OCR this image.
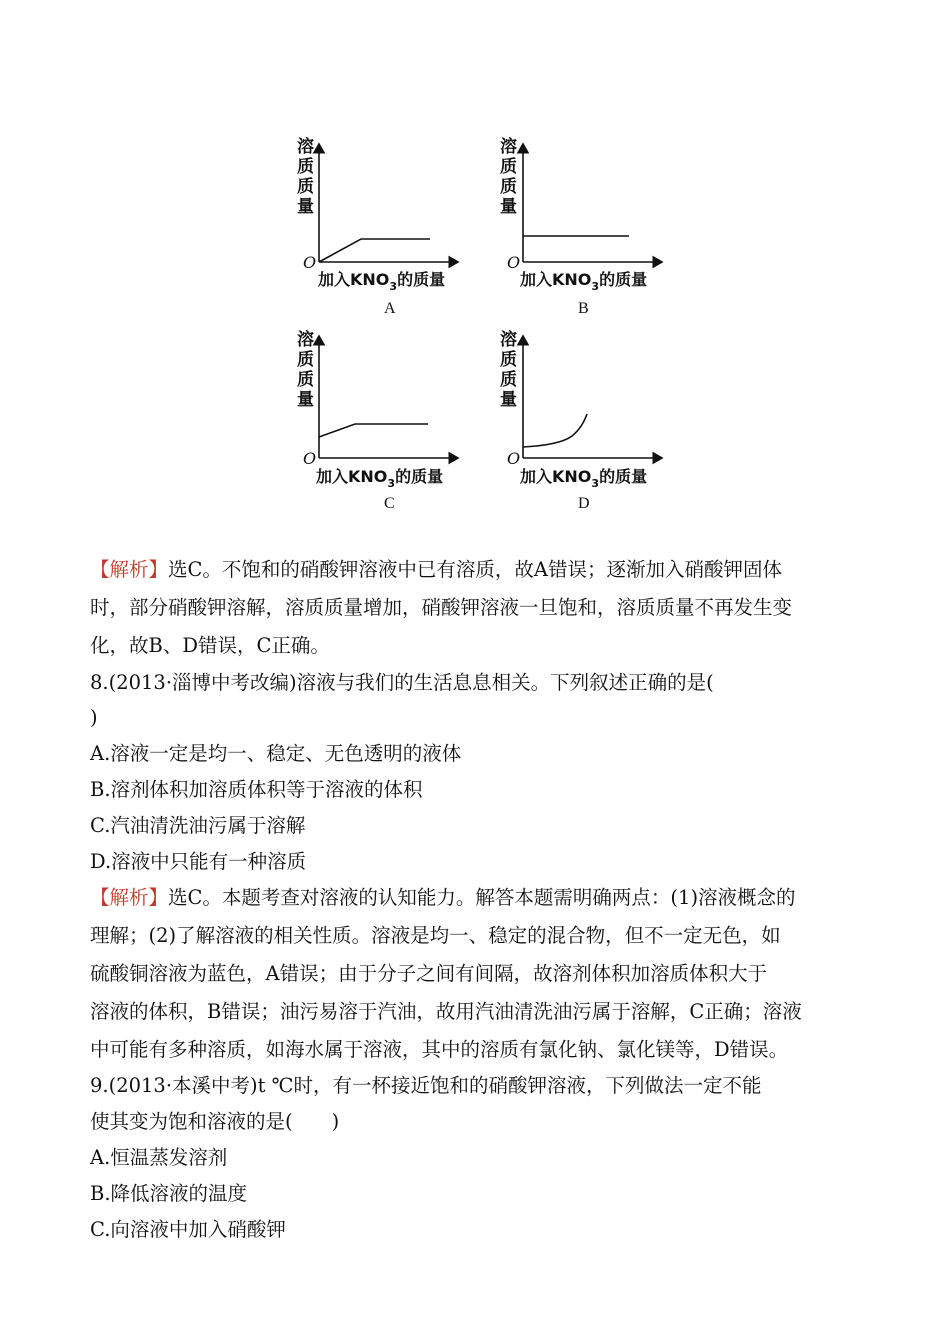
溶
质
质
量
O
加入$KNO_3$的质量
A
溶
质
质
量
O
加入$KNO_3$的质量
B
溶
质
质
量
O
加入$KNO_3$的质量
C
溶
质
质
量
O
加入$KNO_3$的质量
D
【解析】选C。不饱和的硝酸钾溶液中已有溶质，故A错误；逐渐加入硝酸钾固体
时，部分硝酸钾溶解，溶质质量增加，硝酸钾溶液一旦饱和，溶质质量不再发生变
化，故B、D错误，C正确。
8.(2013·淄博中考改编)溶液与我们的生活息息相关。下列叙述正确的是(
)
A.溶液一定是均一、稳定、无色透明的液体
B.溶剂体积加溶质体积等于溶液的体积
C.汽油清洗油污属于溶解
D.溶液中只能有一种溶质
【解析】选C。本题考查对溶液的认知能力。解答本题需明确两点：(1)溶液概念的
理解；(2)了解溶液的相关性质。溶液是均一、稳定的混合物，但不一定无色，如
硫酸铜溶液为蓝色，A错误；由于分子之间有间隔，故溶剂体积加溶质体积大于
溶液的体积，B错误；油污易溶于汽油，故用汽油清洗油污属于溶解，C正确；溶液
中可能有多种溶质，如海水属于溶液，其中的溶质有氯化钠、氯化镁等，D错误。
9.(2013·本溪中考)t ℃时，有一杯接近饱和的硝酸钾溶液，下列做法一定不能
使其变为饱和溶液的是(　　)
A.恒温蒸发溶剂
B.降低溶液的温度
C.向溶液中加入硝酸钾
